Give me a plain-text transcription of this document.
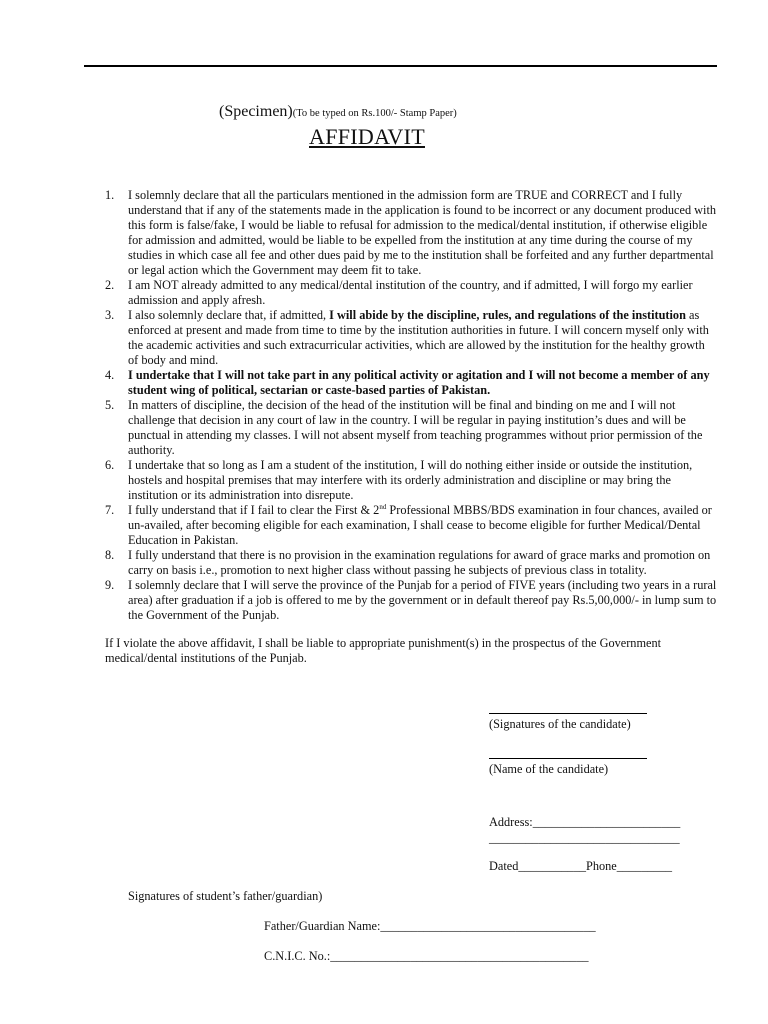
(Specimen)(To be typed on Rs.100/- Stamp Paper)
AFFIDAVIT
1. I solemnly declare that all the particulars mentioned in the admission form are TRUE and CORRECT and I fully understand that if any of the statements made in the application is found to be incorrect or any document produced with this form is false/fake, I would be liable to refusal for admission to the medical/dental institution, if otherwise eligible for admission and admitted, would be liable to be expelled from the institution at any time during the course of my studies in which case all fee and other dues paid by me to the institution shall be forfeited and any further departmental or legal action which the Government may deem fit to take.
2. I am NOT already admitted to any medical/dental institution of the country, and if admitted, I will forgo my earlier admission and apply afresh.
3. I also solemnly declare that, if admitted, I will abide by the discipline, rules, and regulations of the institution as enforced at present and made from time to time by the institution authorities in future. I will concern myself only with the academic activities and such extracurricular activities, which are allowed by the institution for the healthy growth of body and mind.
4. I undertake that I will not take part in any political activity or agitation and I will not become a member of any student wing of political, sectarian or caste-based parties of Pakistan.
5. In matters of discipline, the decision of the head of the institution will be final and binding on me and I will not challenge that decision in any court of law in the country. I will be regular in paying institution’s dues and will be punctual in attending my classes. I will not absent myself from teaching programmes without prior permission of the authority.
6. I undertake that so long as I am a student of the institution, I will do nothing either inside or outside the institution, hostels and hospital premises that may interfere with its orderly administration and discipline or may bring the institution or its administration into disrepute.
7. I fully understand that if I fail to clear the First & 2nd Professional MBBS/BDS examination in four chances, availed or un-availed, after becoming eligible for each examination, I shall cease to become eligible for further Medical/Dental Education in Pakistan.
8. I fully understand that there is no provision in the examination regulations for award of grace marks and promotion on carry on basis i.e., promotion to next higher class without passing he subjects of previous class in totality.
9. I solemnly declare that I will serve the province of the Punjab for a period of FIVE years (including two years in a rural area) after graduation if a job is offered to me by the government or in default thereof pay Rs.5,00,000/- in lump sum to the Government of the Punjab.
If I violate the above affidavit, I shall be liable to appropriate punishment(s) in the prospectus of the Government medical/dental institutions of the Punjab.
(Signatures of the candidate)
(Name of the candidate)
Address:________________________
_______________________________
Dated___________Phone_________
Signatures of student’s father/guardian)
Father/Guardian Name:___________________________________
C.N.I.C. No.:__________________________________________
